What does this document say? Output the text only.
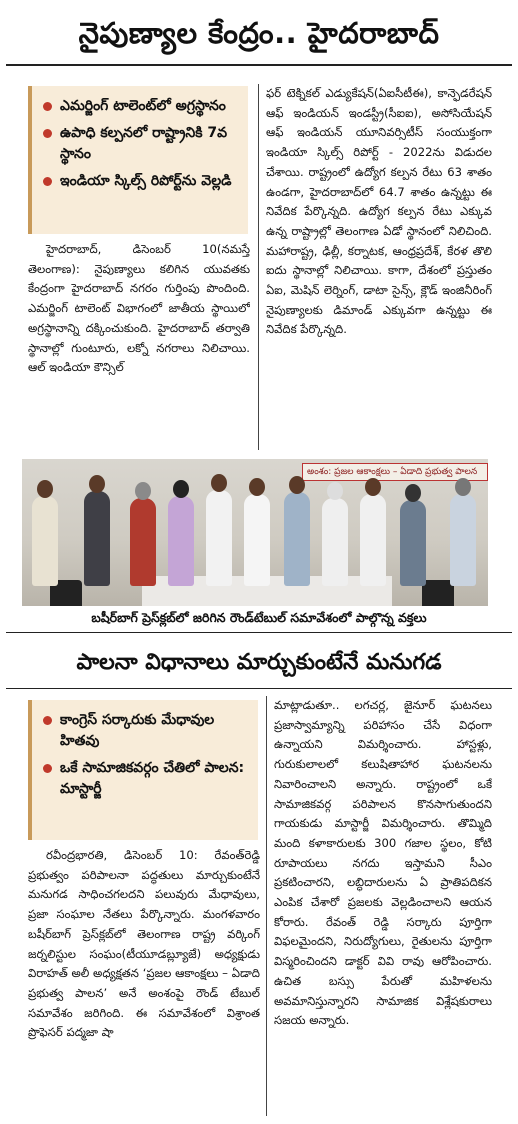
నైపుణ్యాల కేంద్రం.. హైదరాబాద్
ఎమర్జింగ్ టాలెంట్‌లో అగ్రస్థానం
ఉపాధి కల్పనలో రాష్ట్రానికి 7వ స్థానం
ఇండియా స్కిల్స్ రిపోర్ట్‌ను వెల్లడి

హైదరాబాద్, డిసెంబర్ 10(నమస్తే తెలంగాణ): నైపుణ్యాలు కలిగిన యువతకు కేంద్రంగా హైదరాబాద్ నగరం గుర్తింపు పొందింది. ఎమర్జింగ్ టాలెంట్ విభాగంలో జాతీయ స్థాయిలో అగ్రస్థానాన్ని దక్కించుకుంది. హైదరాబాద్ తర్వాతి స్థానాల్లో గుంటూరు, లక్నో నగరాలు నిలిచాయి. ఆల్ ఇండియా కౌన్సిల్

ఫర్ టెక్నికల్ ఎడ్యుకేషన్(ఏఐసీటీఈ), కాన్ఫెడరేషన్ ఆఫ్ ఇండియన్ ఇండస్ట్రీ(సీఐఐ), అసోసియేషన్ ఆఫ్ ఇండియన్ యూనివర్సిటీస్ సంయుక్తంగా ఇండియా స్కిల్స్ రిపోర్ట్ - 2022ను విడుదల చేశాయి. రాష్ట్రంలో ఉద్యోగ కల్పన రేటు 63 శాతం ఉండగా, హైదరాబాద్‌లో 64.7 శాతం ఉన్నట్టు ఈ నివేదిక పేర్కొన్నది. ఉద్యోగ కల్పన రేటు ఎక్కువ ఉన్న రాష్ట్రాల్లో తెలంగాణ ఏడో స్థానంలో నిలిచింది. మహారాష్ట్ర, ఢిల్లీ, కర్నాటక, ఆంధ్రప్రదేశ్, కేరళ తొలి ఐదు స్థానాల్లో నిలిచాయి. కాగా, దేశంలో ప్రస్తుతం ఏఐ, మెషిన్ లెర్నింగ్, డాటా సైన్స్, క్లౌడ్ ఇంజినీరింగ్ నైపుణ్యాలకు డిమాండ్ ఎక్కువగా ఉన్నట్టు ఈ నివేదిక పేర్కొన్నది.

అంశం: ప్రజల ఆకాంక్షలు – ఏడాది ప్రభుత్వ పాలన
బషీర్‌బాగ్ ప్రెస్‌క్లబ్‌లో జరిగిన రౌండ్‌టేబుల్ సమావేశంలో పాల్గొన్న వక్తలు
పాలనా విధానాలు మార్చుకుంటేనే మనుగడ
కాంగ్రెస్ సర్కారుకు మేధావుల హితవు
ఒకే సామాజికవర్గం చేతిలో పాలన: మాస్టార్జీ

రవీంద్రభారతి, డిసెంబర్ 10: రేవంత్‌రెడ్డి ప్రభుత్వం పరిపాలనా పద్ధతులు మార్చుకుంటేనే మనుగడ సాధించగలదని పలువురు మేధావులు, ప్రజా సంఘాల నేతలు పేర్కొన్నారు. మంగళవారం బషీర్‌బాగ్ ప్రెస్‌క్లబ్‌లో తెలంగాణ రాష్ట్ర వర్కింగ్ జర్నలిస్టుల సంఘం(టీయూడబ్ల్యూజే) అధ్యక్షుడు విరాహత్ అలీ అధ్యక్షతన ‘ప్రజల ఆకాంక్షలు – ఏడాది ప్రభుత్వ పాలన’ అనే అంశంపై రౌండ్ టేబుల్ సమావేశం జరిగింది. ఈ సమావేశంలో విశ్రాంత ప్రొఫెసర్ పద్మజా షా

మాట్లాడుతూ.. లగచర్ల, జైనూర్ ఘటనలు ప్రజాస్వామ్యాన్ని పరిహాసం చేసే విధంగా ఉన్నాయని విమర్శించారు. హాస్టళ్లు, గురుకులాలలో కలుషితాహార ఘటనలను నివారించాలని అన్నారు. రాష్ట్రంలో ఒకే సామాజికవర్గ పరిపాలన కొనసాగుతుందని గాయకుడు మాస్టార్జీ విమర్శించారు. తొమ్మిది మంది కళాకారులకు 300 గజాల స్థలం, కోటి రూపాయలు నగదు ఇస్తామని సీఎం ప్రకటించారని, లబ్ధిదారులను ఏ ప్రాతిపదికన ఎంపిక చేశారో ప్రజలకు వెల్లడించాలని ఆయన కోరారు. రేవంత్ రెడ్డి సర్కారు పూర్తిగా విఫలమైందని, నిరుద్యోగులు, రైతులను పూర్తిగా విస్మరించిందని డాక్టర్ వివి రావు ఆరోపించారు. ఉచిత బస్సు పేరుతో మహిళలను అవమానిస్తున్నారని సామాజిక విశ్లేషకురాలు సజయ అన్నారు.
